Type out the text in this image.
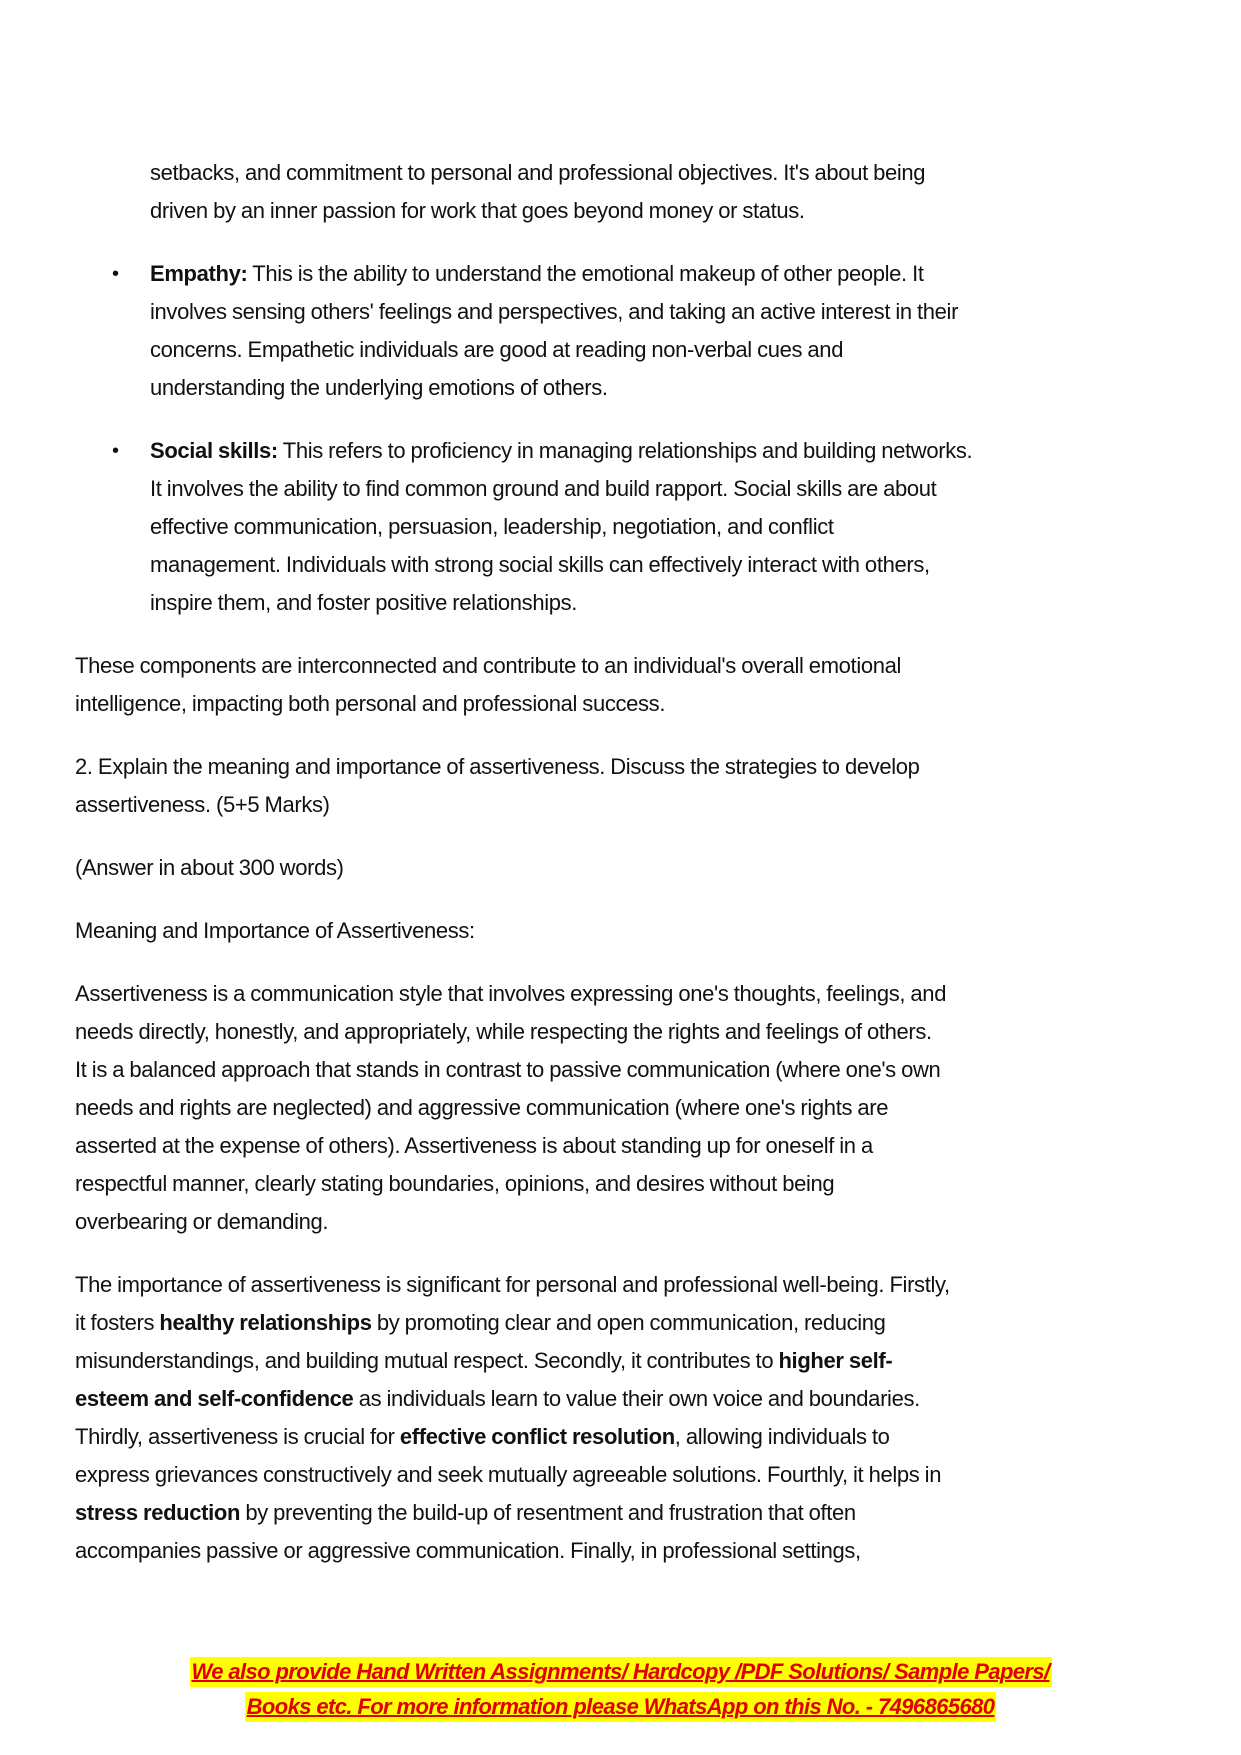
setbacks, and commitment to personal and professional objectives. It's about being
driven by an inner passion for work that goes beyond money or status.
• Empathy: This is the ability to understand the emotional makeup of other people. It
involves sensing others' feelings and perspectives, and taking an active interest in their
concerns. Empathetic individuals are good at reading non-verbal cues and
understanding the underlying emotions of others.
• Social skills: This refers to proficiency in managing relationships and building networks.
It involves the ability to find common ground and build rapport. Social skills are about
effective communication, persuasion, leadership, negotiation, and conflict
management. Individuals with strong social skills can effectively interact with others,
inspire them, and foster positive relationships.
These components are interconnected and contribute to an individual's overall emotional
intelligence, impacting both personal and professional success.
2. Explain the meaning and importance of assertiveness. Discuss the strategies to develop
assertiveness. (5+5 Marks)
(Answer in about 300 words)
Meaning and Importance of Assertiveness:
Assertiveness is a communication style that involves expressing one's thoughts, feelings, and
needs directly, honestly, and appropriately, while respecting the rights and feelings of others.
It is a balanced approach that stands in contrast to passive communication (where one's own
needs and rights are neglected) and aggressive communication (where one's rights are
asserted at the expense of others). Assertiveness is about standing up for oneself in a
respectful manner, clearly stating boundaries, opinions, and desires without being
overbearing or demanding.
The importance of assertiveness is significant for personal and professional well-being. Firstly,
it fosters healthy relationships by promoting clear and open communication, reducing
misunderstandings, and building mutual respect. Secondly, it contributes to higher self-
esteem and self-confidence as individuals learn to value their own voice and boundaries.
Thirdly, assertiveness is crucial for effective conflict resolution, allowing individuals to
express grievances constructively and seek mutually agreeable solutions. Fourthly, it helps in
stress reduction by preventing the build-up of resentment and frustration that often
accompanies passive or aggressive communication. Finally, in professional settings,
We also provide Hand Written Assignments/ Hardcopy /PDF Solutions/ Sample Papers/
Books etc. For more information please WhatsApp on this No. - 7496865680
